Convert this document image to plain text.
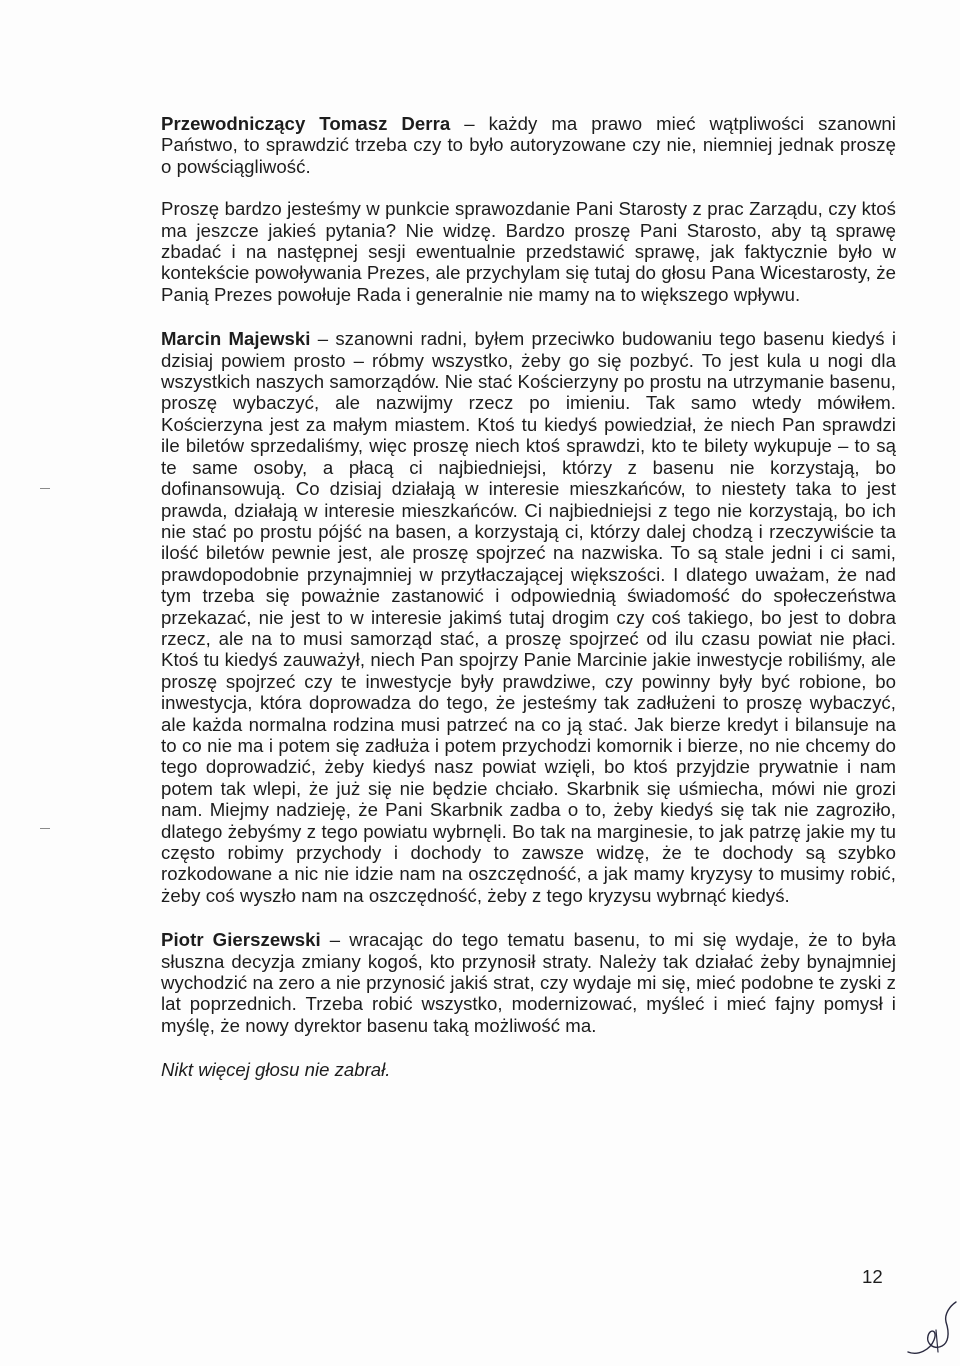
Przewodniczący Tomasz Derra – każdy ma prawo mieć wątpliwości szanowni Państwo, to sprawdzić trzeba czy to było autoryzowane czy nie, niemniej jednak proszę o powściągliwość.

Proszę bardzo jesteśmy w punkcie sprawozdanie Pani Starosty z prac Zarządu, czy ktoś ma jeszcze jakieś pytania? Nie widzę. Bardzo proszę Pani Starosto, aby tą sprawę zbadać i na następnej sesji ewentualnie przedstawić sprawę, jak faktycznie było w kontekście powoływania Prezes, ale przychylam się tutaj do głosu Pana Wicestarosty, że Panią Prezes powołuje Rada i generalnie nie mamy na to większego wpływu.

Marcin Majewski – szanowni radni, byłem przeciwko budowaniu tego basenu kiedyś i dzisiaj powiem prosto – róbmy wszystko, żeby go się pozbyć. To jest kula u nogi dla wszystkich naszych samorządów. Nie stać Kościerzyny po prostu na utrzymanie basenu, proszę wybaczyć, ale nazwijmy rzecz po imieniu. Tak samo wtedy mówiłem. Kościerzyna jest za małym miastem. Ktoś tu kiedyś powiedział, że niech Pan sprawdzi ile biletów sprzedaliśmy, więc proszę niech ktoś sprawdzi, kto te bilety wykupuje – to są te same osoby, a płacą ci najbiedniejsi, którzy z basenu nie korzystają, bo dofinansowują. Co dzisiaj działają w interesie mieszkańców, to niestety taka to jest prawda, działają w interesie mieszkańców. Ci najbiedniejsi z tego nie korzystają, bo ich nie stać po prostu pójść na basen, a korzystają ci, którzy dalej chodzą i rzeczywiście ta ilość biletów pewnie jest, ale proszę spojrzeć na nazwiska. To są stale jedni i ci sami, prawdopodobnie przynajmniej w przytłaczającej większości. I dlatego uważam, że nad tym trzeba się poważnie zastanowić i odpowiednią świadomość do społeczeństwa przekazać, nie jest to w interesie jakimś tutaj drogim czy coś takiego, bo jest to dobra rzecz, ale na to musi samorząd stać, a proszę spojrzeć od ilu czasu powiat nie płaci. Ktoś tu kiedyś zauważył, niech Pan spojrzy Panie Marcinie jakie inwestycje robiliśmy, ale proszę spojrzeć czy te inwestycje były prawdziwe, czy powinny były być robione, bo inwestycja, która doprowadza do tego, że jesteśmy tak zadłużeni to proszę wybaczyć, ale każda normalna rodzina musi patrzeć na co ją stać. Jak bierze kredyt i bilansuje na to co nie ma i potem się zadłuża i potem przychodzi komornik i bierze, no nie chcemy do tego doprowadzić, żeby kiedyś nasz powiat wzięli, bo ktoś przyjdzie prywatnie i nam potem tak wlepi, że już się nie będzie chciało. Skarbnik się uśmiecha, mówi nie grozi nam. Miejmy nadzieję, że Pani Skarbnik zadba o to, żeby kiedyś się tak nie zagroziło, dlatego żebyśmy z tego powiatu wybrnęli. Bo tak na marginesie, to jak patrzę jakie my tu często robimy przychody i dochody to zawsze widzę, że te dochody są szybko rozkodowane a nic nie idzie nam na oszczędność, a jak mamy kryzysy to musimy robić, żeby coś wyszło nam na oszczędność, żeby z tego kryzysu wybrnąć kiedyś.

Piotr Gierszewski – wracając do tego tematu basenu, to mi się wydaje, że to była słuszna decyzja zmiany kogoś, kto przynosił straty. Należy tak działać żeby bynajmniej wychodzić na zero a nie przynosić jakiś strat, czy wydaje mi się, mieć podobne te zyski z lat poprzednich. Trzeba robić wszystko, modernizować, myśleć i mieć fajny pomysł i myślę, że nowy dyrektor basenu taką możliwość ma.

Nikt więcej głosu nie zabrał.

12
